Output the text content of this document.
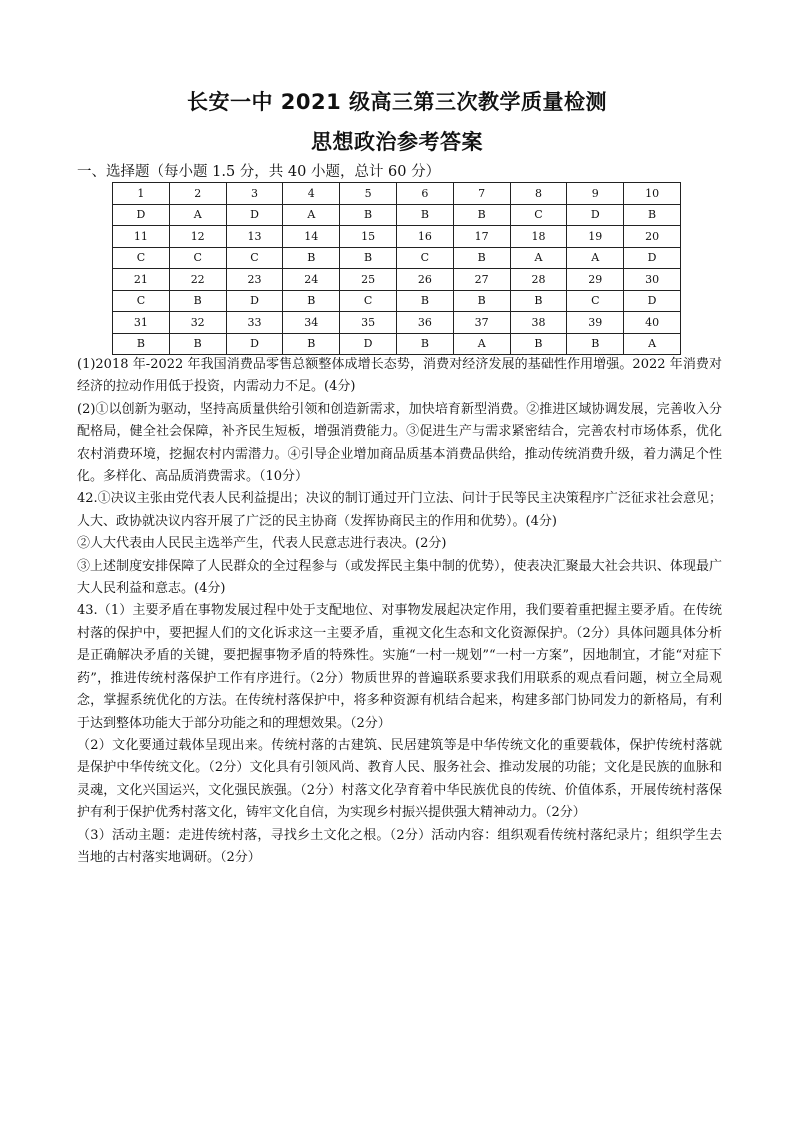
长安一中 2021 级高三第三次教学质量检测
思想政治参考答案
一、选择题（每小题 1.5 分，共 40 小题，总计 60 分）
1	2	3	4	5	6	7	8	9	10
D	A	D	A	B	B	B	C	D	B
11	12	13	14	15	16	17	18	19	20
C	C	C	B	B	C	B	A	A	D
21	22	23	24	25	26	27	28	29	30
C	B	D	B	C	B	B	B	C	D
31	32	33	34	35	36	37	38	39	40
B	B	D	B	D	B	A	B	B	A

(1)2018 年-2022 年我国消费品零售总额整体成增长态势，消费对经济发展的基础性作用增强。2022 年消费对经济的拉动作用低于投资，内需动力不足。(4分)

(2)①以创新为驱动，坚持高质量供给引领和创造新需求，加快培育新型消费。②推进区域协调发展，完善收入分配格局，健全社会保障，补齐民生短板，增强消费能力。③促进生产与需求紧密结合，完善农村市场体系，优化农村消费环境，挖掘农村内需潜力。④引导企业增加商品质基本消费品供给，推动传统消费升级，着力满足个性化。多样化、高品质消费需求。（10分）

42.①决议主张由党代表人民利益提出；决议的制订通过开门立法、问计于民等民主决策程序广泛征求社会意见；人大、政协就决议内容开展了广泛的民主协商（发挥协商民主的作用和优势）。(4分)

②人大代表由人民民主选举产生，代表人民意志进行表决。(2分)

③上述制度安排保障了人民群众的全过程参与（或发挥民主集中制的优势），使表决汇聚最大社会共识、体现最广大人民利益和意志。(4分)

43.（1）主要矛盾在事物发展过程中处于支配地位、对事物发展起决定作用，我们要着重把握主要矛盾。在传统村落的保护中，要把握人们的文化诉求这一主要矛盾，重视文化生态和文化资源保护。（2分）具体问题具体分析是正确解决矛盾的关键，要把握事物矛盾的特殊性。实施“一村一规划”“一村一方案”，因地制宜，才能“对症下药”，推进传统村落保护工作有序进行。（2分）物质世界的普遍联系要求我们用联系的观点看问题，树立全局观念，掌握系统优化的方法。在传统村落保护中，将多种资源有机结合起来，构建多部门协同发力的新格局，有利于达到整体功能大于部分功能之和的理想效果。（2分）

（2）文化要通过载体呈现出来。传统村落的古建筑、民居建筑等是中华传统文化的重要载体，保护传统村落就是保护中华传统文化。（2分）文化具有引领风尚、教育人民、服务社会、推动发展的功能；文化是民族的血脉和灵魂，文化兴国运兴，文化强民族强。（2分）村落文化孕育着中华民族优良的传统、价值体系，开展传统村落保护有利于保护优秀村落文化，铸牢文化自信，为实现乡村振兴提供强大精神动力。（2分）

（3）活动主题：走进传统村落，寻找乡土文化之根。（2分）活动内容：组织观看传统村落纪录片；组织学生去当地的古村落实地调研。（2分）
